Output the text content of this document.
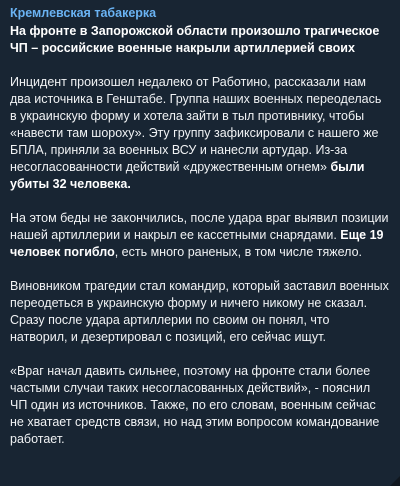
Кремлевская табакерка
На фронте в Запорожской области произошло трагическое ЧП – российские военные накрыли артиллерией своих
Инцидент произошел недалеко от Работино, рассказали нам два источника в Генштабе. Группа наших военных переоделась в украинскую форму и хотела зайти в тыл противнику, чтобы «навести там шороху». Эту группу зафиксировали с нашего же БПЛА, приняли за военных ВСУ и нанесли артудар. Из-за несогласованности действий «дружественным огнем» были убиты 32 человека.
На этом беды не закончились, после удара враг выявил позиции нашей артиллерии и накрыл ее кассетными снарядами. Еще 19 человек погибло, есть много раненых, в том числе тяжело.
Виновником трагедии стал командир, который заставил военных переодеться в украинскую форму и ничего никому не сказал. Сразу после удара артиллерии по своим он понял, что натворил, и дезертировал с позиций, его сейчас ищут.
«Враг начал давить сильнее, поэтому на фронте стали более частыми случаи таких несогласованных действий», - пояснил ЧП один из источников. Также, по его словам, военным сейчас не хватает средств связи, но над этим вопросом командование работает.
